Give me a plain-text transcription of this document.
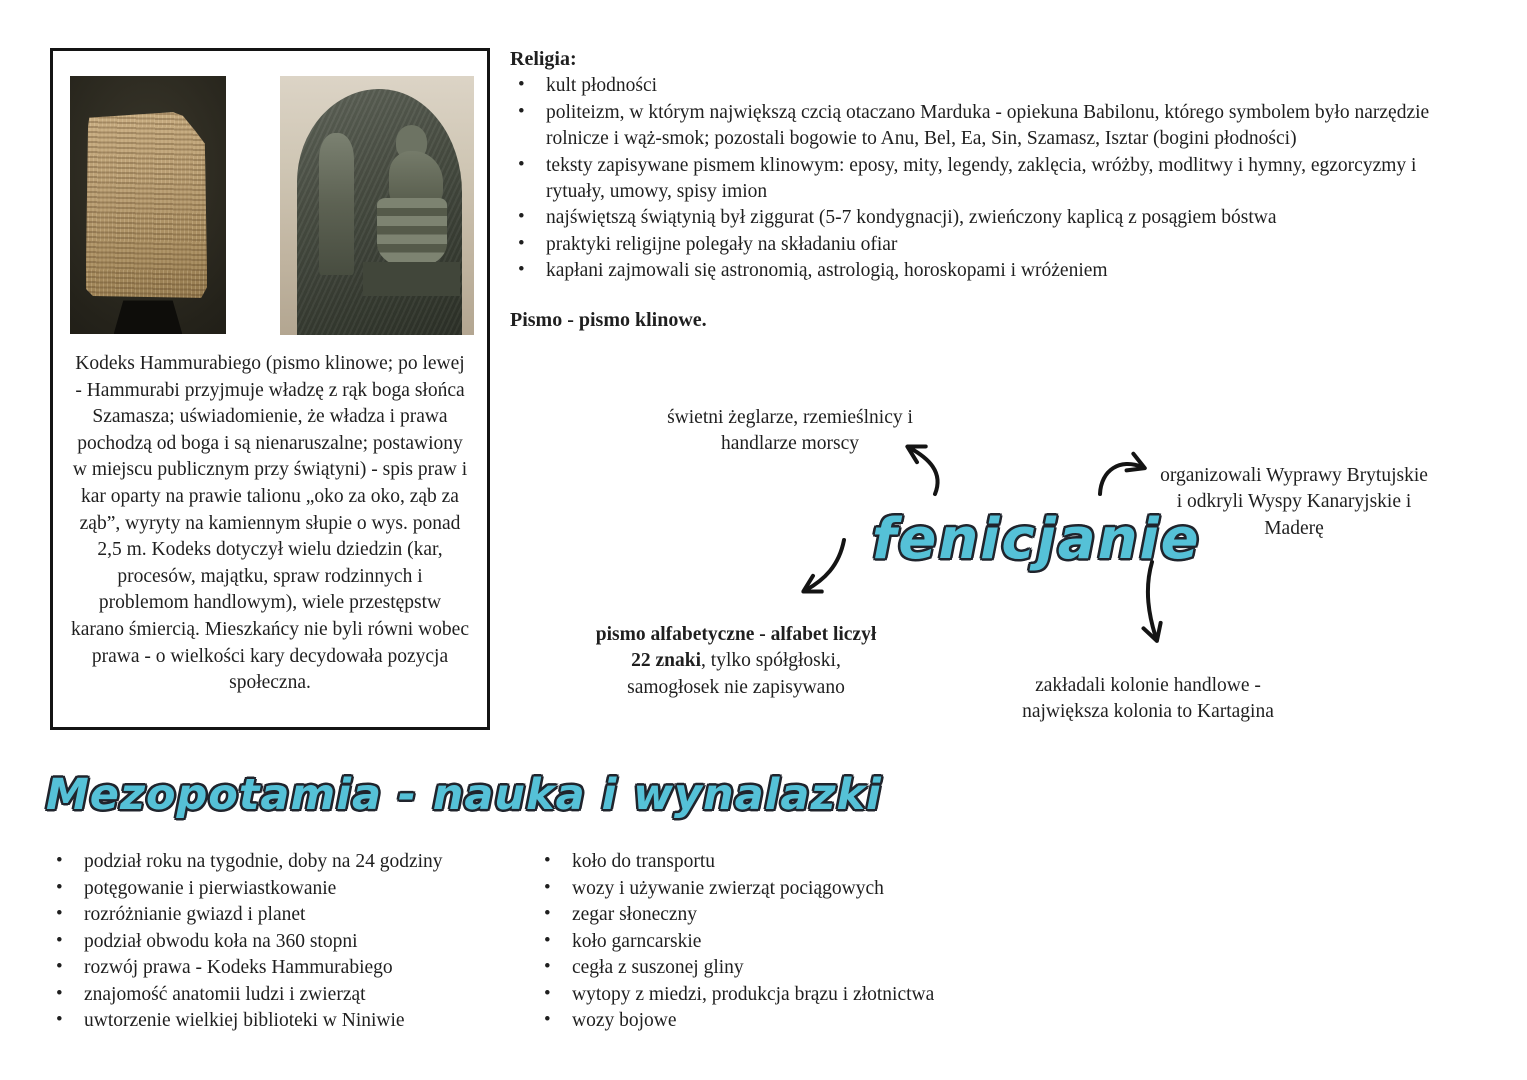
Kodeks Hammurabiego (pismo klinowe; po lewej - Hammurabi przyjmuje władzę z rąk boga słońca Szamasza; uświadomienie, że władza i prawa pochodzą od boga i są nienaruszalne; postawiony w miejscu publicznym przy świątyni) - spis praw i kar oparty na prawie talionu „oko za oko, ząb za ząb”, wyryty na kamiennym słupie o wys. ponad 2,5 m. Kodeks dotyczył wielu dziedzin (kar, procesów, majątku, spraw rodzinnych i problemom handlowym), wiele przestępstw karano śmiercią. Mieszkańcy nie byli równi wobec prawa - o wielkości kary decydowała pozycja społeczna.
Religia:
• kult płodności
• politeizm, w którym największą czcią otaczano Marduka - opiekuna Babilonu, którego symbolem było narzędzie rolnicze i wąż-smok; pozostali bogowie to Anu, Bel, Ea, Sin, Szamasz, Isztar (bogini płodności)
• teksty zapisywane pismem klinowym: eposy, mity, legendy, zaklęcia, wróżby, modlitwy i hymny, egzorcyzmy i rytuały, umowy, spisy imion
• najświętszą świątynią był ziggurat (5-7 kondygnacji), zwieńczony kaplicą z posągiem bóstwa
• praktyki religijne polegały na składaniu ofiar
• kapłani zajmowali się astronomią, astrologią, horoskopami i wróżeniem
Pismo - pismo klinowe.
świetni żeglarze, rzemieślnicy i handlarze morscy
fenicjanie
organizowali Wyprawy Brytujskie i odkryli Wyspy Kanaryjskie i Maderę
pismo alfabetyczne - alfabet liczył 22 znaki, tylko spółgłoski, samogłosek nie zapisywano	zakładali kolonie handlowe - największa kolonia to Kartagina
Mezopotamia - nauka i wynalazki
• podział roku na tygodnie, doby na 24 godziny
• potęgowanie i pierwiastkowanie
• rozróżnianie gwiazd i planet
• podział obwodu koła na 360 stopni
• rozwój prawa - Kodeks Hammurabiego
• znajomość anatomii ludzi i zwierząt
• uwtorzenie wielkiej biblioteki w Niniwie
• koło do transportu
• wozy i używanie zwierząt pociągowych
• zegar słoneczny
• koło garncarskie
• cegła z suszonej gliny
• wytopy z miedzi, produkcja brązu i złotnictwa
• wozy bojowe
